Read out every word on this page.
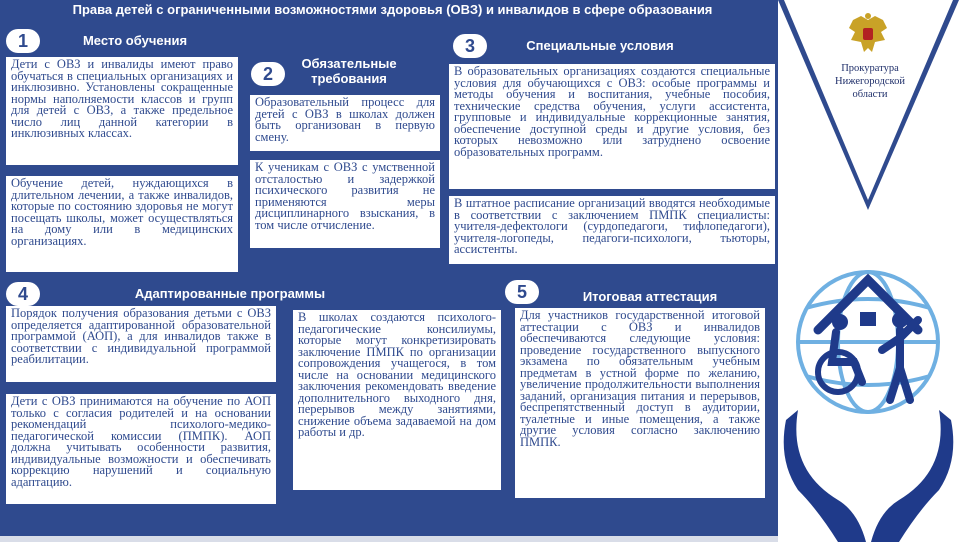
Права детей с ограниченными возможностями здоровья (ОВЗ) и инвалидов в сфере образования
1	Место обучения
Дети с ОВЗ и инвалиды имеют право обучаться в специальных организациях и инклюзивно. Установлены сокращенные нормы наполняемости классов и групп для детей с ОВЗ, а также предельное число лиц данной категории в инклюзивных классах.
Обучение детей, нуждающихся в длительном лечении, а также инвалидов, которые по состоянию здоровья не могут посещать школы, может осуществляться на дому или в медицинских организациях.
2
Обязательные требования
Образовательный процесс для детей с ОВЗ в школах должен быть организован в первую смену.
К ученикам с ОВЗ с умственной отсталостью и задержкой психического развития не применяются меры дисциплинарного взыскания, в том числе отчисление.
3	Специальные условия
В образовательных организациях создаются специальные условия для обучающихся с ОВЗ: особые программы и методы обучения и воспитания, учебные пособия, технические средства обучения, услуги ассистента, групповые и индивидуальные коррекционные занятия, обеспечение доступной среды и другие условия, без которых невозможно или затруднено освоение образовательных программ.
В штатное расписание организаций вводятся необходимые в соответствии с заключением ПМПК специалисты: учителя-дефектологи (сурдопедагоги, тифлопедагоги), учителя-логопеды, педагоги-психологи, тьюторы, ассистенты.
4	Адаптированные программы
Порядок получения образования детьми с ОВЗ определяется адаптированной образовательной программой (АОП), а для инвалидов также в соответствии с индивидуальной программой реабилитации.
Дети с ОВЗ принимаются на обучение по АОП только с согласия родителей и на основании рекомендаций психолого-медико-педагогической комиссии (ПМПК). АОП должна учитывать особенности развития, индивидуальные возможности и обеспечивать коррекцию нарушений и социальную адаптацию.
В школах создаются психолого-педагогические консилиумы, которые могут конкретизировать заключение ПМПК по организации сопровождения учащегося, в том числе на основании медицинского заключения рекомендовать введение дополнительного выходного дня, перерывов между занятиями, снижение объема задаваемой на дом работы и др.
5	Итоговая аттестация
Для участников государственной итоговой аттестации с ОВЗ и инвалидов обеспечиваются следующие условия: проведение государственного выпускного экзамена по обязательным учебным предметам в устной форме по желанию, увеличение продолжительности выполнения заданий, организация питания и перерывов, беспрепятственный доступ в аудитории, туалетные и иные помещения, а также другие условия согласно заключению ПМПК.
Прокуратура
Нижегородской
области
